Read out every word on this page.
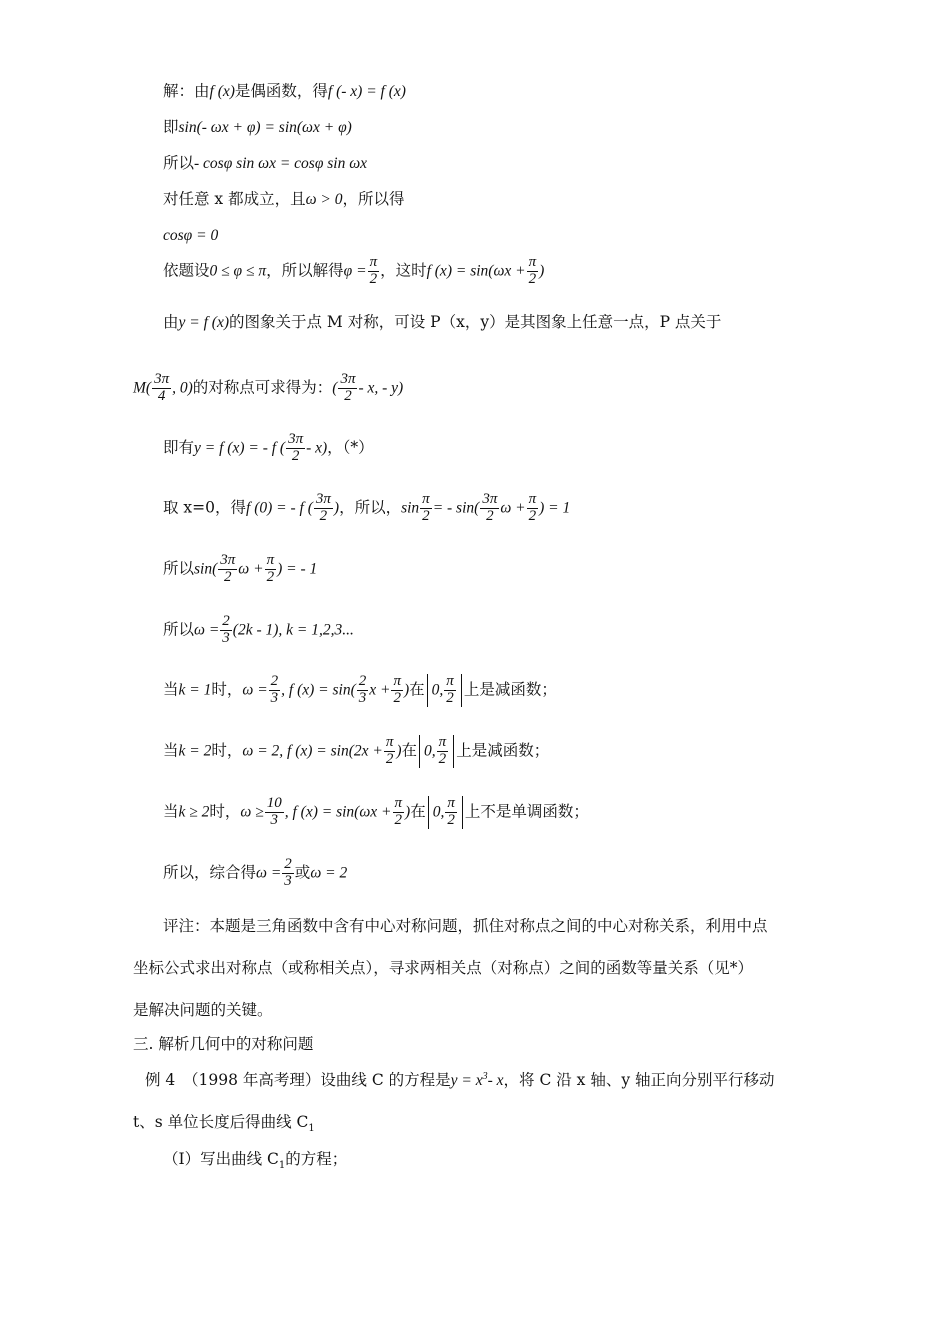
解：由f (x)是偶函数，得f (- x) = f (x)
即sin(- ωx + φ) = sin(ωx + φ)
所以- cosφ sin ωx = cosφ sin ωx
对任意 x 都成立，且ω > 0，所以得
cosφ = 0
依题设0 ≤ φ ≤ π，所以解得$\varphi = \frac{\pi}{2}$ ，这时f $(x) = \sin(\omega x + \frac{\pi}{2}$ )
由y = f (x)的图象关于点 M 对称，可设 P（x，y）是其图象上任意一点，P 点关于
$M( \frac{3\pi}{4}$ , 0)的对称点可求得为：( $\frac{3\pi}{2}$ - x, - y)
即有y = f (x) = - f ( $\frac{3\pi}{2} - x$)，（*）
取 x=0，得f (0) = - f ( $\frac{3\pi}{2}$ )，所以，$\sin \frac{\pi}{2}$ = - $\sin( \frac{3\pi}{2}$ $\omega + \frac{\pi}{2}$ ) = 1
所以$\sin( \frac{3\pi}{2}$ $\omega + \frac{\pi}{2}$ ) = - 1
所以$\omega = \frac{2}{3} (2k - 1)$, k = 1,2,3...
当k = 1时，$\omega = \frac{2}{3}$ , f $(x) = \sin( \frac{2}{3}$ $x + \frac{\pi}{2}$ )在 0, $\frac{\pi}{2}$ 上是减函数；
当k = 2时，ω = 2, f $(x) = \sin(2x + \frac{\pi}{2}$ )在 0, $\frac{\pi}{2}$ 上是减函数；
当k ≥ 2时，$\omega \ge \frac{10}{3}$ , f $(x) = \sin(\omega x + \frac{\pi}{2}$ )在 0, $\frac{\pi}{2}$ 上不是单调函数；
所以，综合得$\omega = \frac{2}{3}$ 或ω = 2
评注：本题是三角函数中含有中心对称问题，抓住对称点之间的中心对称关系，利用中点
坐标公式求出对称点（或称相关点），寻求两相关点（对称点）之间的函数等量关系（见*）
是解决问题的关键。
三. 解析几何中的对称问题
例 4　（1998 年高考理）设曲线 C 的方程是$y = x^3-$ x，将 C 沿 x 轴、y 轴正向分别平行移动
t、s 单位长度后得曲线 $C_1$
（I）写出曲线 $C_1$的方程；
